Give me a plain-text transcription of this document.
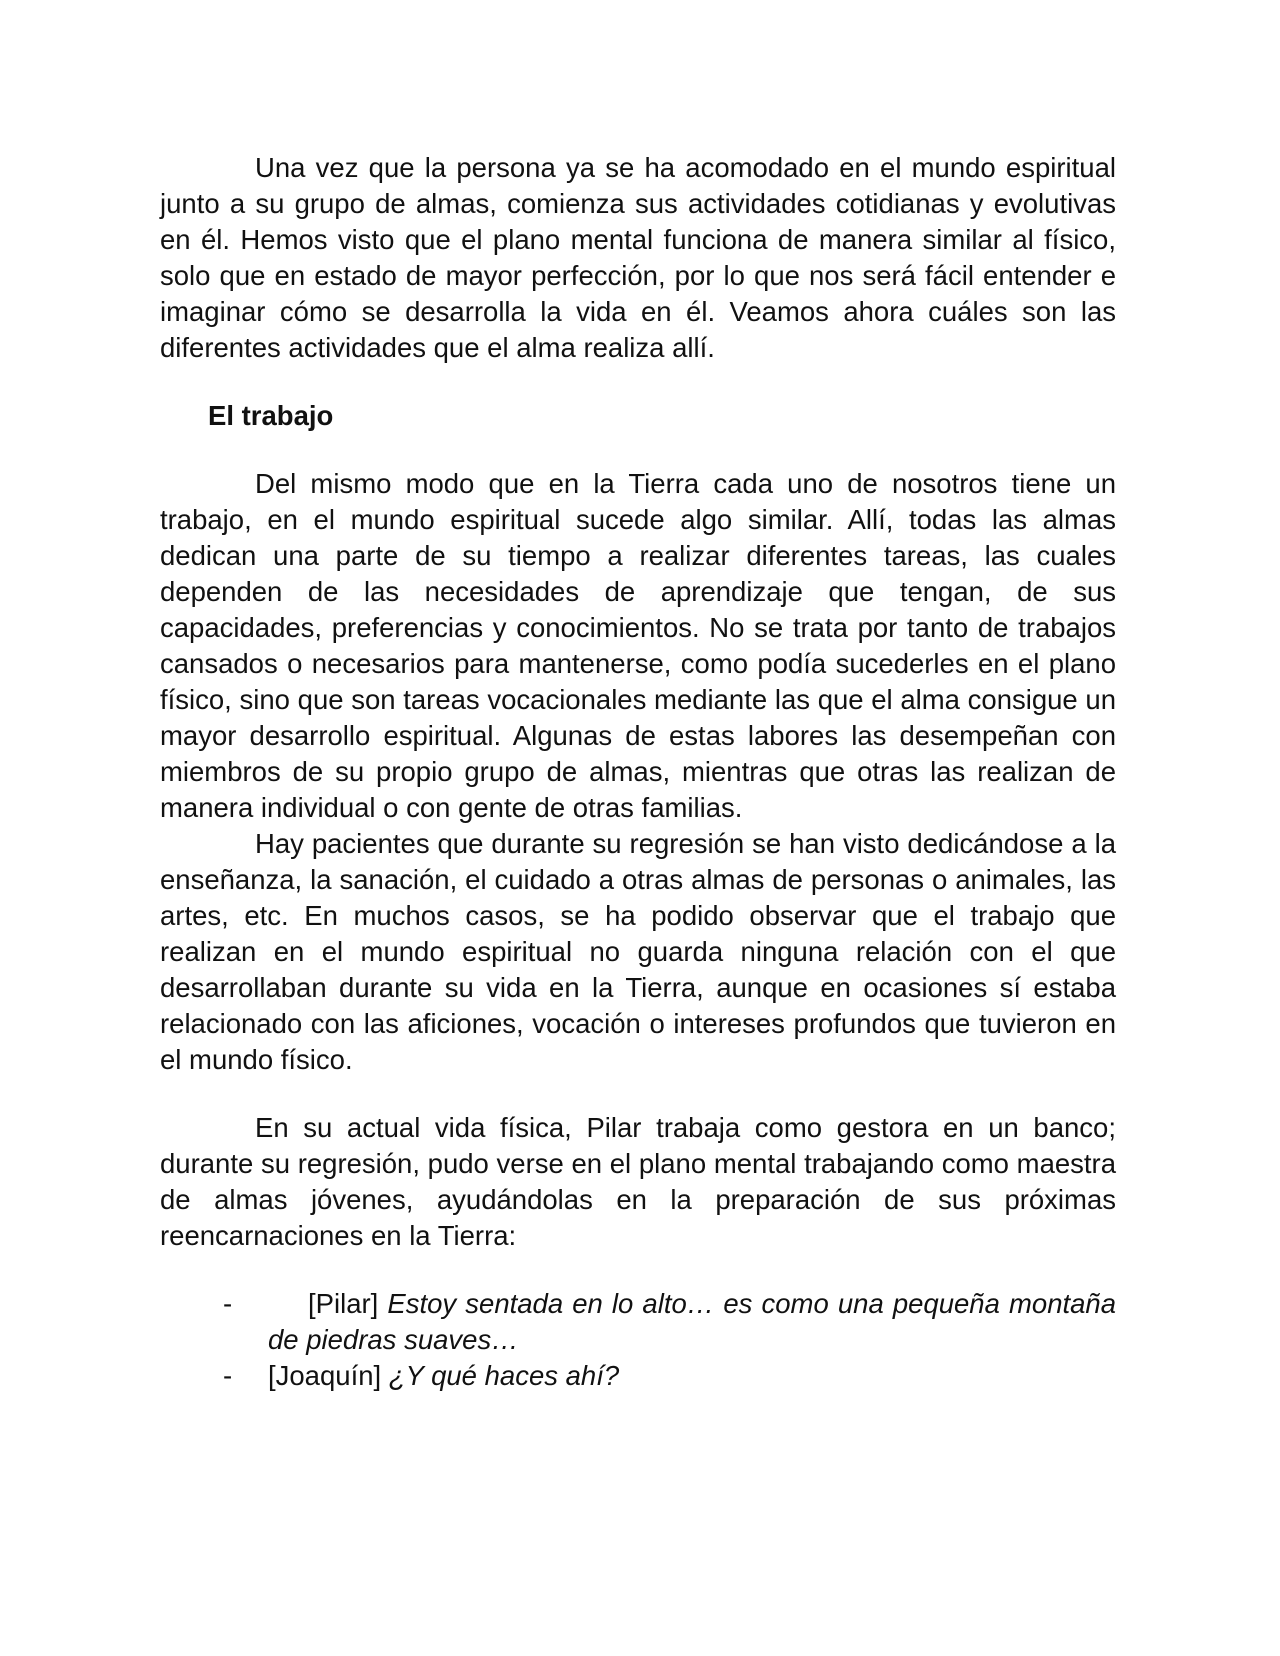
Una vez que la persona ya se ha acomodado en el mundo espiritual junto a su grupo de almas, comienza sus actividades cotidianas y evolutivas en él. Hemos visto que el plano mental funciona de manera similar al físico, solo que en estado de mayor perfección, por lo que nos será fácil entender e imaginar cómo se desarrolla la vida en él. Veamos ahora cuáles son las diferentes actividades que el alma realiza allí.

El trabajo

Del mismo modo que en la Tierra cada uno de nosotros tiene un trabajo, en el mundo espiritual sucede algo similar. Allí, todas las almas dedican una parte de su tiempo a realizar diferentes tareas, las cuales dependen de las necesidades de aprendizaje que tengan, de sus capacidades, preferencias y conocimientos. No se trata por tanto de trabajos cansados o necesarios para mantenerse, como podía sucederles en el plano físico, sino que son tareas vocacionales mediante las que el alma consigue un mayor desarrollo espiritual. Algunas de estas labores las desempeñan con miembros de su propio grupo de almas, mientras que otras las realizan de manera individual o con gente de otras familias.

Hay pacientes que durante su regresión se han visto dedicándose a la enseñanza, la sanación, el cuidado a otras almas de personas o animales, las artes, etc. En muchos casos, se ha podido observar que el trabajo que realizan en el mundo espiritual no guarda ninguna relación con el que desarrollaban durante su vida en la Tierra, aunque en ocasiones sí estaba relacionado con las aficiones, vocación o intereses profundos que tuvieron en el mundo físico.

En su actual vida física, Pilar trabaja como gestora en un banco; durante su regresión, pudo verse en el plano mental trabajando como maestra de almas jóvenes, ayudándolas en la preparación de sus próximas reencarnaciones en la Tierra:

-	[Pilar] Estoy sentada en lo alto… es como una pequeña montaña de piedras suaves…
- [Joaquín] ¿Y qué haces ahí?
